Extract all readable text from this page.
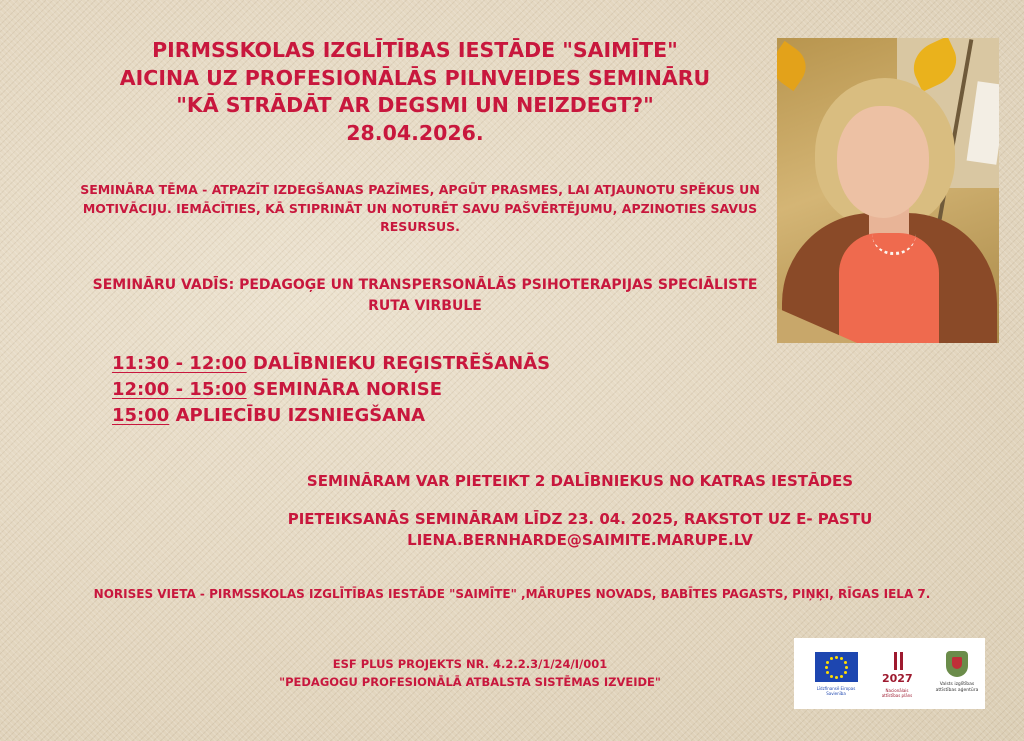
PIRMSSKOLAS IZGLĪTĪBAS IESTĀDE "SAIMĪTE"
AICINA UZ PROFESIONĀLĀS PILNVEIDES SEMINĀRU
"KĀ STRĀDĀT AR DEGSMI UN NEIZDEGT?"
28.04.2026.
SEMINĀRA TĒMA - ATPAZĪT IZDEGŠANAS PAZĪMES, APGŪT PRASMES, LAI ATJAUNOTU SPĒKUS UN MOTIVĀCIJU. IEMĀCĪTIES, KĀ STIPRINĀT UN NOTURĒT SAVU PAŠVĒRTĒJUMU, APZINOTIES SAVUS RESURSUS.
SEMINĀRU VADĪS: PEDAGOĢE UN TRANSPERSONĀLĀS PSIHOTERAPIJAS SPECIĀLISTE RUTA VIRBULE
11:30 - 12:00 DALĪBNIEKU REĢISTRĒŠANĀS
12:00 - 15:00 SEMINĀRA NORISE
15:00 APLIECĪBU IZSNIEGŠANA
SEMINĀRAM VAR PIETEIKT 2 DALĪBNIEKUS NO KATRAS IESTĀDES
PIETEIKSANĀS SEMINĀRAM LĪDZ 23. 04. 2025, RAKSTOT UZ E- PASTU
LIENA.BERNHARDE@SAIMITE.MARUPE.LV
NORISES VIETA - PIRMSSKOLAS IZGLĪTĪBAS IESTĀDE "SAIMĪTE" ,MĀRUPES NOVADS, BABĪTES PAGASTS, PIŅĶI, RĪGAS IELA 7.
ESF PLUS PROJEKTS NR. 4.2.2.3/1/24/I/001
"PEDAGOGU PROFESIONĀLĀ ATBALSTA SISTĒMAS IZVEIDE"	Līdzfinansē Eiropas Savienība
2027
Nacionālais attīstības plāns
Valsts izglītības attīstības aģentūra
